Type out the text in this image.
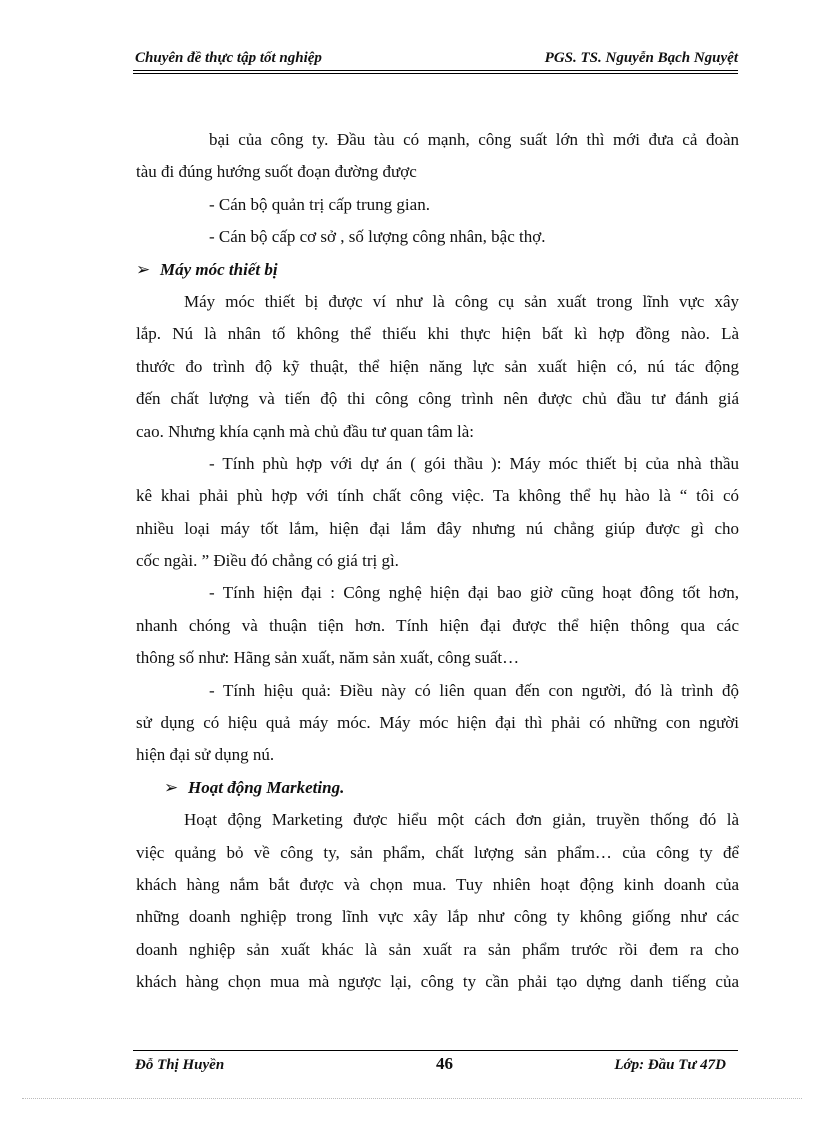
Chuyên đề thực tập tốt nghiệp	PGS. TS. Nguyễn Bạch Nguyệt
bại của công ty. Đầu tàu có mạnh, công suất lớn thì mới đưa cả đoàn
tàu đi đúng hướng suốt đoạn đường được
- Cán bộ quản trị cấp trung gian.
- Cán bộ cấp cơ sở , số lượng công nhân, bậc thợ.
➢ Máy móc thiết bị
Máy móc thiết bị được ví như là công cụ sản xuất trong lĩnh vực xây
lắp. Nú là nhân tố không thể thiếu khi thực hiện bất kì hợp đồng nào. Là
thước đo trình độ kỹ thuật, thể hiện năng lực sản xuất hiện có, nú tác động
đến chất lượng và tiến độ thi công công trình nên được chủ đầu tư đánh giá
cao. Nhưng khía cạnh mà chủ đầu tư quan tâm là:
- Tính phù hợp với dự án ( gói thầu ): Máy móc thiết bị của nhà thầu
kê khai phải phù hợp với tính chất công việc. Ta không thể hụ hào là “ tôi có
nhiều loại máy tốt lắm, hiện đại lắm đây nhưng nú chẳng giúp được gì cho
cốc ngài. ” Điều đó chẳng có giá trị gì.
- Tính hiện đại : Công nghệ hiện đại bao giờ cũng hoạt đông tốt hơn,
nhanh chóng và thuận tiện hơn. Tính hiện đại được thể hiện thông qua các
thông số như: Hãng sản xuất, năm sản xuất, công suất…
- Tính hiệu quả: Điều này có liên quan đến con người, đó là trình độ
sử dụng có hiệu quả máy móc. Máy móc hiện đại thì phải có những con người
hiện đại sử dụng nú.
➢ Hoạt động Marketing.
Hoạt động Marketing được hiểu một cách đơn giản, truyền thống đó là
việc quảng bỏ về công ty, sản phẩm, chất lượng sản phẩm… của công ty để
khách hàng nắm bắt được và chọn mua. Tuy nhiên hoạt động kinh doanh của
những doanh nghiệp trong lĩnh vực xây lắp như công ty không giống như các
doanh nghiệp sản xuất khác là sản xuất ra sản phẩm trước rồi đem ra cho
khách hàng chọn mua mà ngược lại, công ty cần phải tạo dựng danh tiếng của
Đỗ Thị Huyền	46	Lớp: Đầu Tư 47D
